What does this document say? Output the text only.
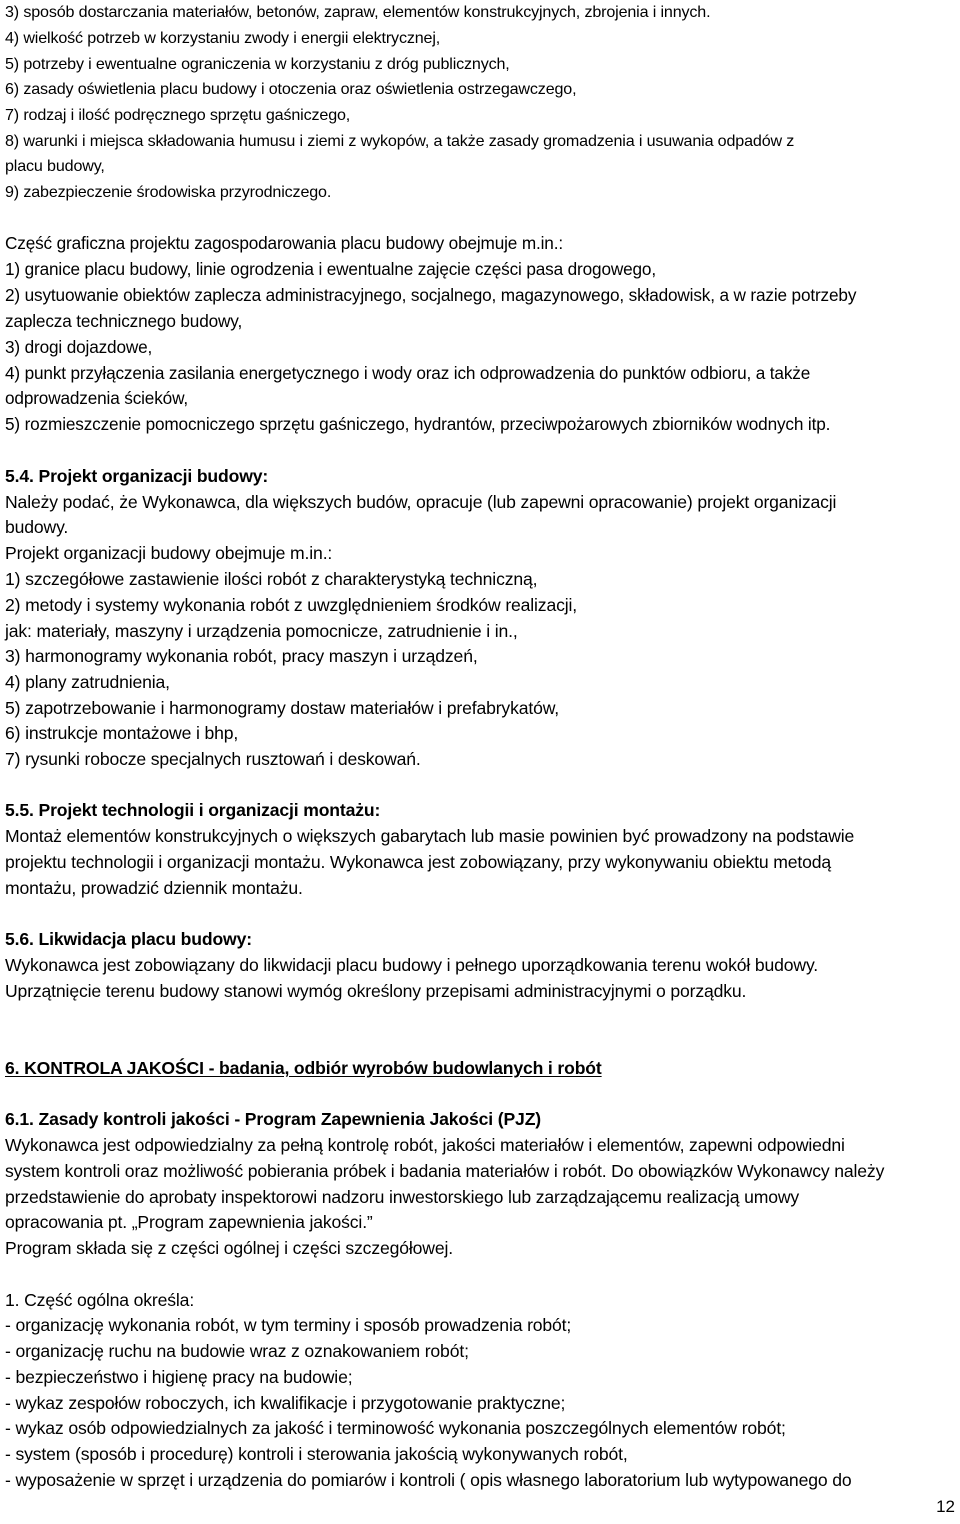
3) sposób dostarczania materiałów, betonów, zapraw, elementów konstrukcyjnych, zbrojenia i innych.
4) wielkość potrzeb w korzystaniu zwody i energii elektrycznej,
5) potrzeby i ewentualne ograniczenia w korzystaniu z dróg publicznych,
6) zasady oświetlenia placu budowy i otoczenia oraz oświetlenia ostrzegawczego,
7) rodzaj i ilość podręcznego sprzętu gaśniczego,
8) warunki i miejsca składowania humusu i ziemi z wykopów, a także zasady gromadzenia i usuwania odpadów z
placu budowy,
9) zabezpieczenie środowiska przyrodniczego.
Część graficzna projektu zagospodarowania placu budowy obejmuje m.in.:
1) granice placu budowy, linie ogrodzenia i ewentualne zajęcie części pasa drogowego,
2) usytuowanie obiektów zaplecza administracyjnego, socjalnego, magazynowego, składowisk, a w razie potrzeby
zaplecza technicznego budowy,
3) drogi dojazdowe,
4) punkt przyłączenia zasilania energetycznego i wody oraz ich odprowadzenia do punktów odbioru, a także
odprowadzenia ścieków,
5) rozmieszczenie pomocniczego sprzętu gaśniczego, hydrantów, przeciwpożarowych zbiorników wodnych itp.
5.4. Projekt organizacji budowy:
Należy podać, że Wykonawca, dla większych budów, opracuje (lub zapewni opracowanie) projekt organizacji
budowy.
Projekt organizacji budowy obejmuje m.in.:
1) szczegółowe zastawienie ilości robót z charakterystyką techniczną,
2) metody i systemy wykonania robót z uwzględnieniem środków realizacji,
jak: materiały, maszyny i urządzenia pomocnicze, zatrudnienie i in.,
3) harmonogramy wykonania robót, pracy maszyn i urządzeń,
4) plany zatrudnienia,
5) zapotrzebowanie i harmonogramy dostaw materiałów i prefabrykatów,
6) instrukcje montażowe i bhp,
7) rysunki robocze specjalnych rusztowań i deskowań.
5.5. Projekt technologii i organizacji montażu:
Montaż elementów konstrukcyjnych o większych gabarytach lub masie powinien być prowadzony na podstawie
projektu technologii i organizacji montażu. Wykonawca jest zobowiązany, przy wykonywaniu obiektu metodą
montażu, prowadzić dziennik montażu.
5.6. Likwidacja placu budowy:
Wykonawca jest zobowiązany do likwidacji placu budowy i pełnego uporządkowania terenu wokół budowy.
Uprzątnięcie terenu budowy stanowi wymóg określony przepisami administracyjnymi o porządku.
6. KONTROLA JAKOŚCI - badania, odbiór wyrobów budowlanych i robót
6.1. Zasady kontroli jakości - Program Zapewnienia Jakości (PJZ)
Wykonawca jest odpowiedzialny za pełną kontrolę robót, jakości materiałów i elementów, zapewni odpowiedni
system kontroli oraz możliwość pobierania próbek i badania materiałów i robót. Do obowiązków Wykonawcy należy
przedstawienie do aprobaty inspektorowi nadzoru inwestorskiego lub zarządzającemu realizacją umowy
opracowania pt. „Program zapewnienia jakości.”
Program składa się z części ogólnej i części szczegółowej.
1. Część ogólna określa:
- organizację wykonania robót, w tym terminy i sposób prowadzenia robót;
- organizację ruchu na budowie wraz z oznakowaniem robót;
- bezpieczeństwo i higienę pracy na budowie;
- wykaz zespołów roboczych, ich kwalifikacje i przygotowanie praktyczne;
- wykaz osób odpowiedzialnych za jakość i terminowość wykonania poszczególnych elementów robót;
- system (sposób i procedurę) kontroli i sterowania jakością wykonywanych robót,
- wyposażenie w sprzęt i urządzenia do pomiarów i kontroli ( opis własnego laboratorium lub wytypowanego do
12
